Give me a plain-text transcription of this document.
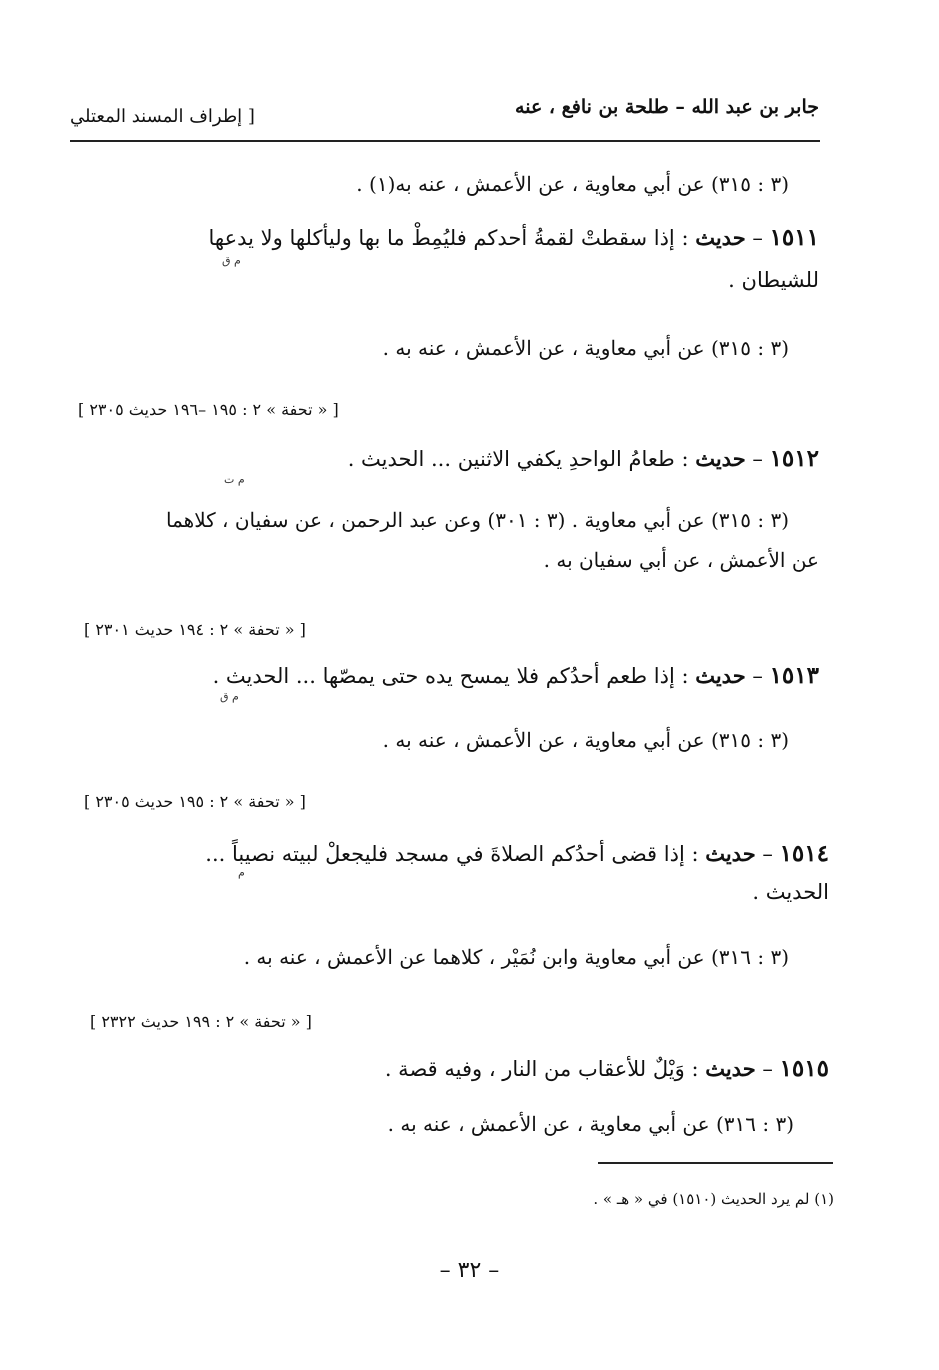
جابر بن عبد الله – طلحة بن نافع ، عنه
[ إطراف المسند المعتلي
(٣ : ٣١٥) عن أبي معاوية ، عن الأعمش ، عنه به(١) .
١٥١١ – حديث : إذا سقطتْ لقمةُ أحدكم فليُمِطْ ما بها وليأكلها ولا يدعها
م ق
للشيطان .
(٣ : ٣١٥) عن أبي معاوية ، عن الأعمش ، عنه به .
[ « تحفة » ٢ : ١٩٥ –١٩٦ حديث ٢٣٠٥ ]
١٥١٢ – حديث : طعامُ الواحدِ يكفي الاثنين ... الحديث .
م ت
(٣ : ٣١٥) عن أبي معاوية . (٣ : ٣٠١) وعن عبد الرحمن ، عن سفيان ، كلاهما
عن الأعمش ، عن أبي سفيان به .
[ « تحفة » ٢ : ١٩٤ حديث ٢٣٠١ ]
١٥١٣ – حديث : إذا طعم أحدُكم فلا يمسح يده حتى يمصّها ... الحديث .
م ق
(٣ : ٣١٥) عن أبي معاوية ، عن الأعمش ، عنه به .
[ « تحفة » ٢ : ١٩٥ حديث ٢٣٠٥ ]
١٥١٤ – حديث : إذا قضى أحدُكم الصلاةَ في مسجد فليجعلْ لبيته نصيباً ...
م
الحديث .
(٣ : ٣١٦) عن أبي معاوية وابن نُمَيْر ، كلاهما عن الأعمش ، عنه به .
[ « تحفة » ٢ : ١٩٩ حديث ٢٣٢٢ ]
١٥١٥ – حديث : وَيْلٌ للأعقاب من النار ، وفيه قصة .
(٣ : ٣١٦) عن أبي معاوية ، عن الأعمش ، عنه به .
(١) لم يرد الحديث (١٥١٠) في « هـ » .
– ٣٢ –
